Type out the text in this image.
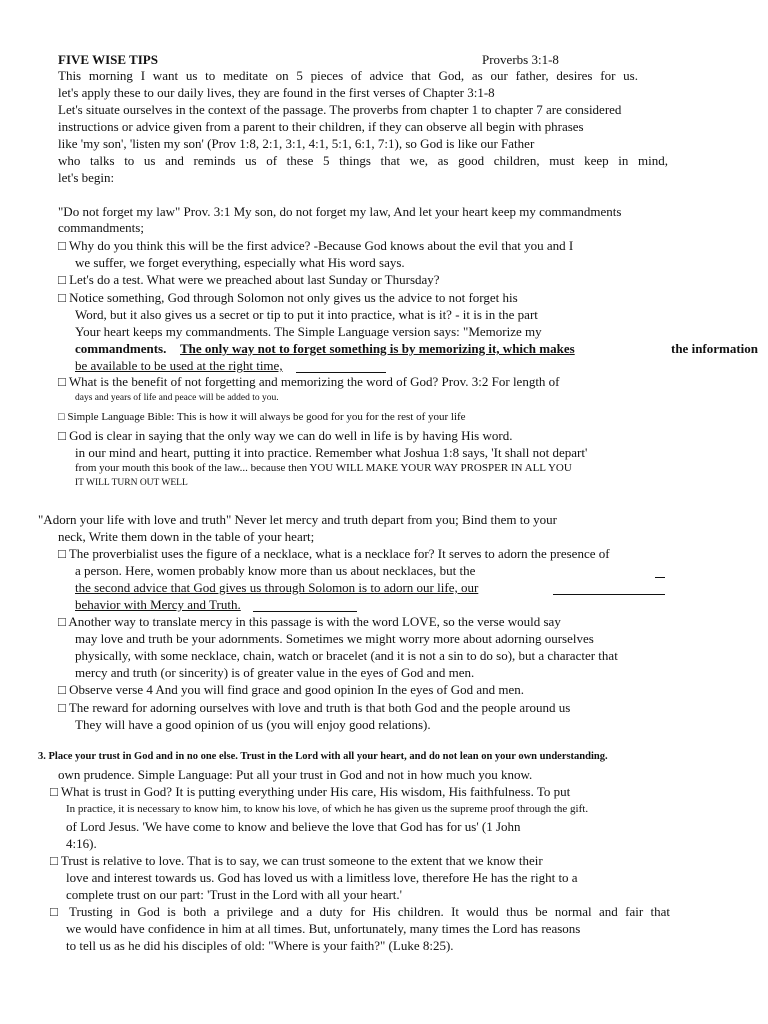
FIVE WISE TIPS	Proverbs 3:1-8
This morning I want us to meditate on 5 pieces of advice that God, as our father, desires for us.
let's apply these to our daily lives, they are found in the first verses of Chapter 3:1-8
Let's situate ourselves in the context of the passage. The proverbs from chapter 1 to chapter 7 are considered
instructions or advice given from a parent to their children, if they can observe all begin with phrases
like 'my son', 'listen my son' (Prov 1:8, 2:1, 3:1, 4:1, 5:1, 6:1, 7:1), so God is like our Father
who talks to us and reminds us of these 5 things that we, as good children, must keep in mind,
let's begin:
"Do not forget my law" Prov. 3:1 My son, do not forget my law, And let your heart keep my commandments
commandments;
□ Why do you think this will be the first advice? -Because God knows about the evil that you and I
we suffer, we forget everything, especially what His word says.
□ Let's do a test. What were we preached about last Sunday or Thursday?
□ Notice something, God through Solomon not only gives us the advice to not forget his
Word, but it also gives us a secret or tip to put it into practice, what is it? - it is in the part
Your heart keeps my commandments. The Simple Language version says: "Memorize my
commandments. The only way not to forget something is by memorizing it, which makes	the information
be available to be used at the right time,
□ What is the benefit of not forgetting and memorizing the word of God? Prov. 3:2 For length of
days and years of life and peace will be added to you.
□ Simple Language Bible: This is how it will always be good for you for the rest of your life
□ God is clear in saying that the only way we can do well in life is by having His word.
in our mind and heart, putting it into practice. Remember what Joshua 1:8 says, 'It shall not depart'
from your mouth this book of the law... because then YOU WILL MAKE YOUR WAY PROSPER IN ALL YOU
IT WILL TURN OUT WELL
"Adorn your life with love and truth" Never let mercy and truth depart from you; Bind them to your
neck, Write them down in the table of your heart;
□ The proverbialist uses the figure of a necklace, what is a necklace for? It serves to adorn the presence of
a person. Here, women probably know more than us about necklaces, but the
the second advice that God gives us through Solomon is to adorn our life, our
behavior with Mercy and Truth.
□ Another way to translate mercy in this passage is with the word LOVE, so the verse would say
may love and truth be your adornments. Sometimes we might worry more about adorning ourselves
physically, with some necklace, chain, watch or bracelet (and it is not a sin to do so), but a character that
mercy and truth (or sincerity) is of greater value in the eyes of God and men.
□ Observe verse 4 And you will find grace and good opinion In the eyes of God and men.
□ The reward for adorning ourselves with love and truth is that both God and the people around us
They will have a good opinion of us (you will enjoy good relations).
3. Place your trust in God and in no one else. Trust in the Lord with all your heart, and do not lean on your own understanding.
own prudence. Simple Language: Put all your trust in God and not in how much you know.
□ What is trust in God? It is putting everything under His care, His wisdom, His faithfulness. To put
In practice, it is necessary to know him, to know his love, of which he has given us the supreme proof through the gift.
of Lord Jesus. 'We have come to know and believe the love that God has for us' (1 John
4:16).
□ Trust is relative to love. That is to say, we can trust someone to the extent that we know their
love and interest towards us. God has loved us with a limitless love, therefore He has the right to a
complete trust on our part: 'Trust in the Lord with all your heart.'
□ Trusting in God is both a privilege and a duty for His children. It would thus be normal and fair that
we would have confidence in him at all times. But, unfortunately, many times the Lord has reasons
to tell us as he did his disciples of old: "Where is your faith?" (Luke 8:25).
